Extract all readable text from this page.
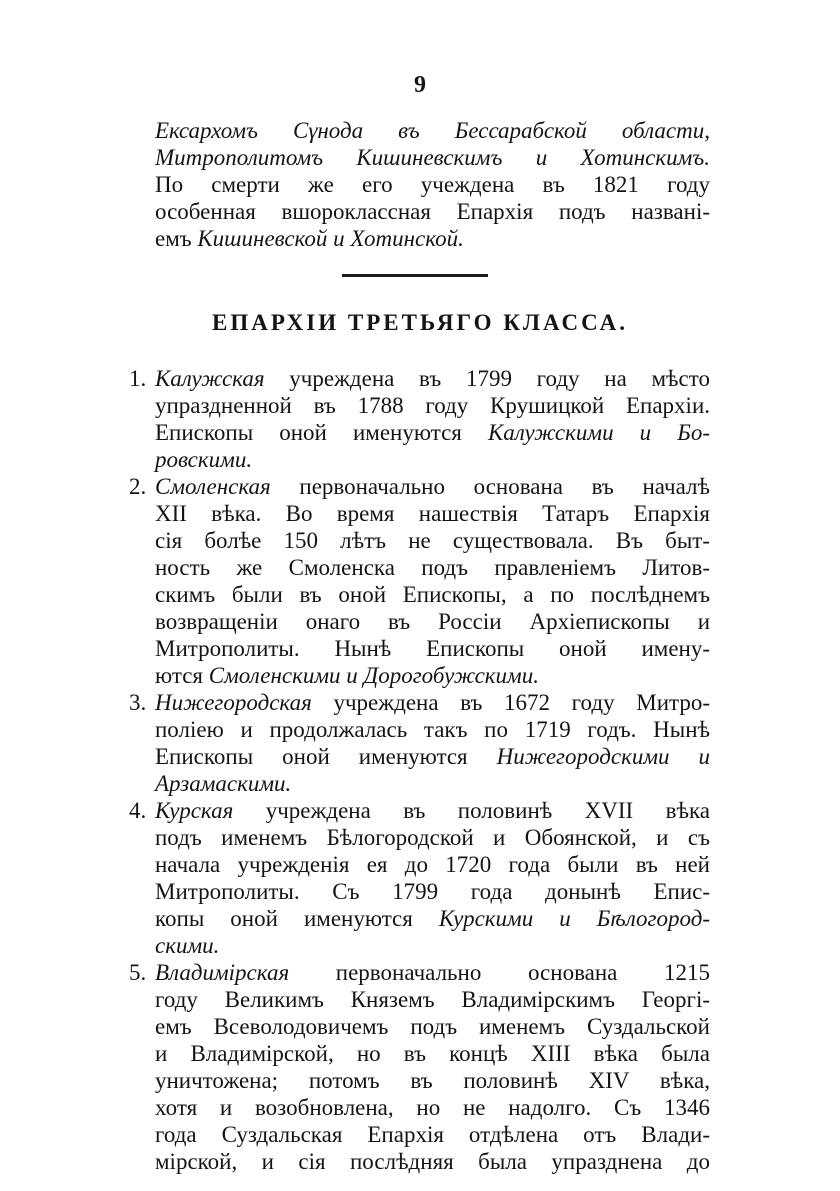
9
Ексархомъ Сγнода въ Бессарабской области,
Митрополитомъ Кишиневскимъ и Хотинскимъ.
По смерти же его учеждена въ 1821 году
особенная вшороклассная Епархія подъ названі-
емъ Кишиневской и Хотинской.
ЕПАРХІИ ТРЕТЬЯГО КЛАССА.
1. Калужская учреждена въ 1799 году на мѣсто
упраздненной въ 1788 году Крушицкой Епархіи.
Епископы оной именуются Калужскими и Бо-
ровскими.
2. Смоленская первоначально основана въ началѣ
XII вѣка. Во время нашествія Татаръ Епархія
сія болѣе 150 лѣтъ не существовала. Въ быт-
ность же Смоленска подъ правленіемъ Литов-
скимъ были въ оной Епископы, а по послѣднемъ
возвращеніи онаго въ Россіи Архіепископы и
Митрополиты. Нынѣ Епископы оной имену-
ются Смоленскими и Дорогобужскими.
3. Нижегородская учреждена въ 1672 году Митро-
поліею и продолжалась такъ по 1719 годъ. Нынѣ
Епископы оной именуются Нижегородскими и
Арзамаскими.
4. Курская учреждена въ половинѣ XVII вѣка
подъ именемъ Бѣлогородской и Обоянской, и съ
начала учрежденія ея до 1720 года были въ ней
Митрополиты. Съ 1799 года донынѣ Епис-
копы оной именуются Курскими и Бѣлогород-
скими.
5. Владимірская первоначально основана 1215
году Великимъ Княземъ Владимірскимъ Георгі-
емъ Всеволодовичемъ подъ именемъ Суздальской
и Владимірской, но въ концѣ XIII вѣка была
уничтожена; потомъ въ половинѣ XIV вѣка,
хотя и возобновлена, но не надолго. Съ 1346
года Суздальская Епархія отдѣлена отъ Влади-
мірской, и сія послѣдняя была упразднена до
